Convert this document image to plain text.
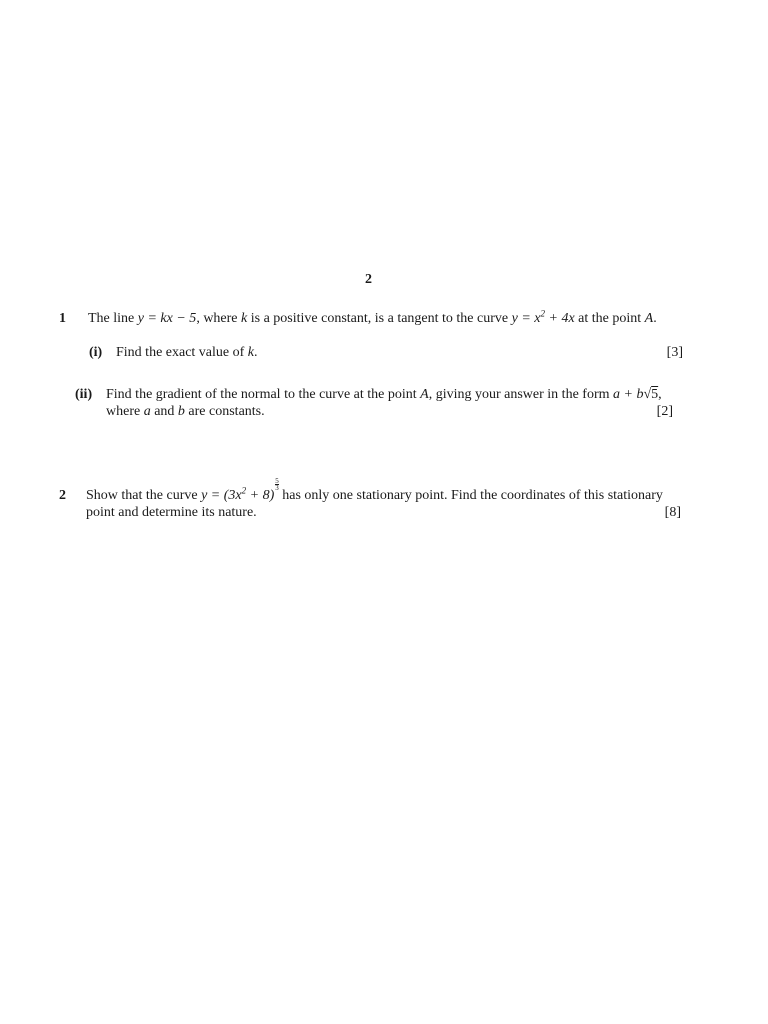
2
1 The line y = kx − 5, where k is a positive constant, is a tangent to the curve $y = x^2 + 4x$ at the point A.
(i) Find the exact value of k.	[3]
(ii) Find the gradient of the normal to the curve at the point A, giving your answer in the form a + b√5,
where a and b are constants.	[2]
2 Show that the curve $y = (3x^2 + 8)$
$\frac{5}{3}$
has only one stationary point. Find the coordinates of this stationary
point and determine its nature.	[8]
